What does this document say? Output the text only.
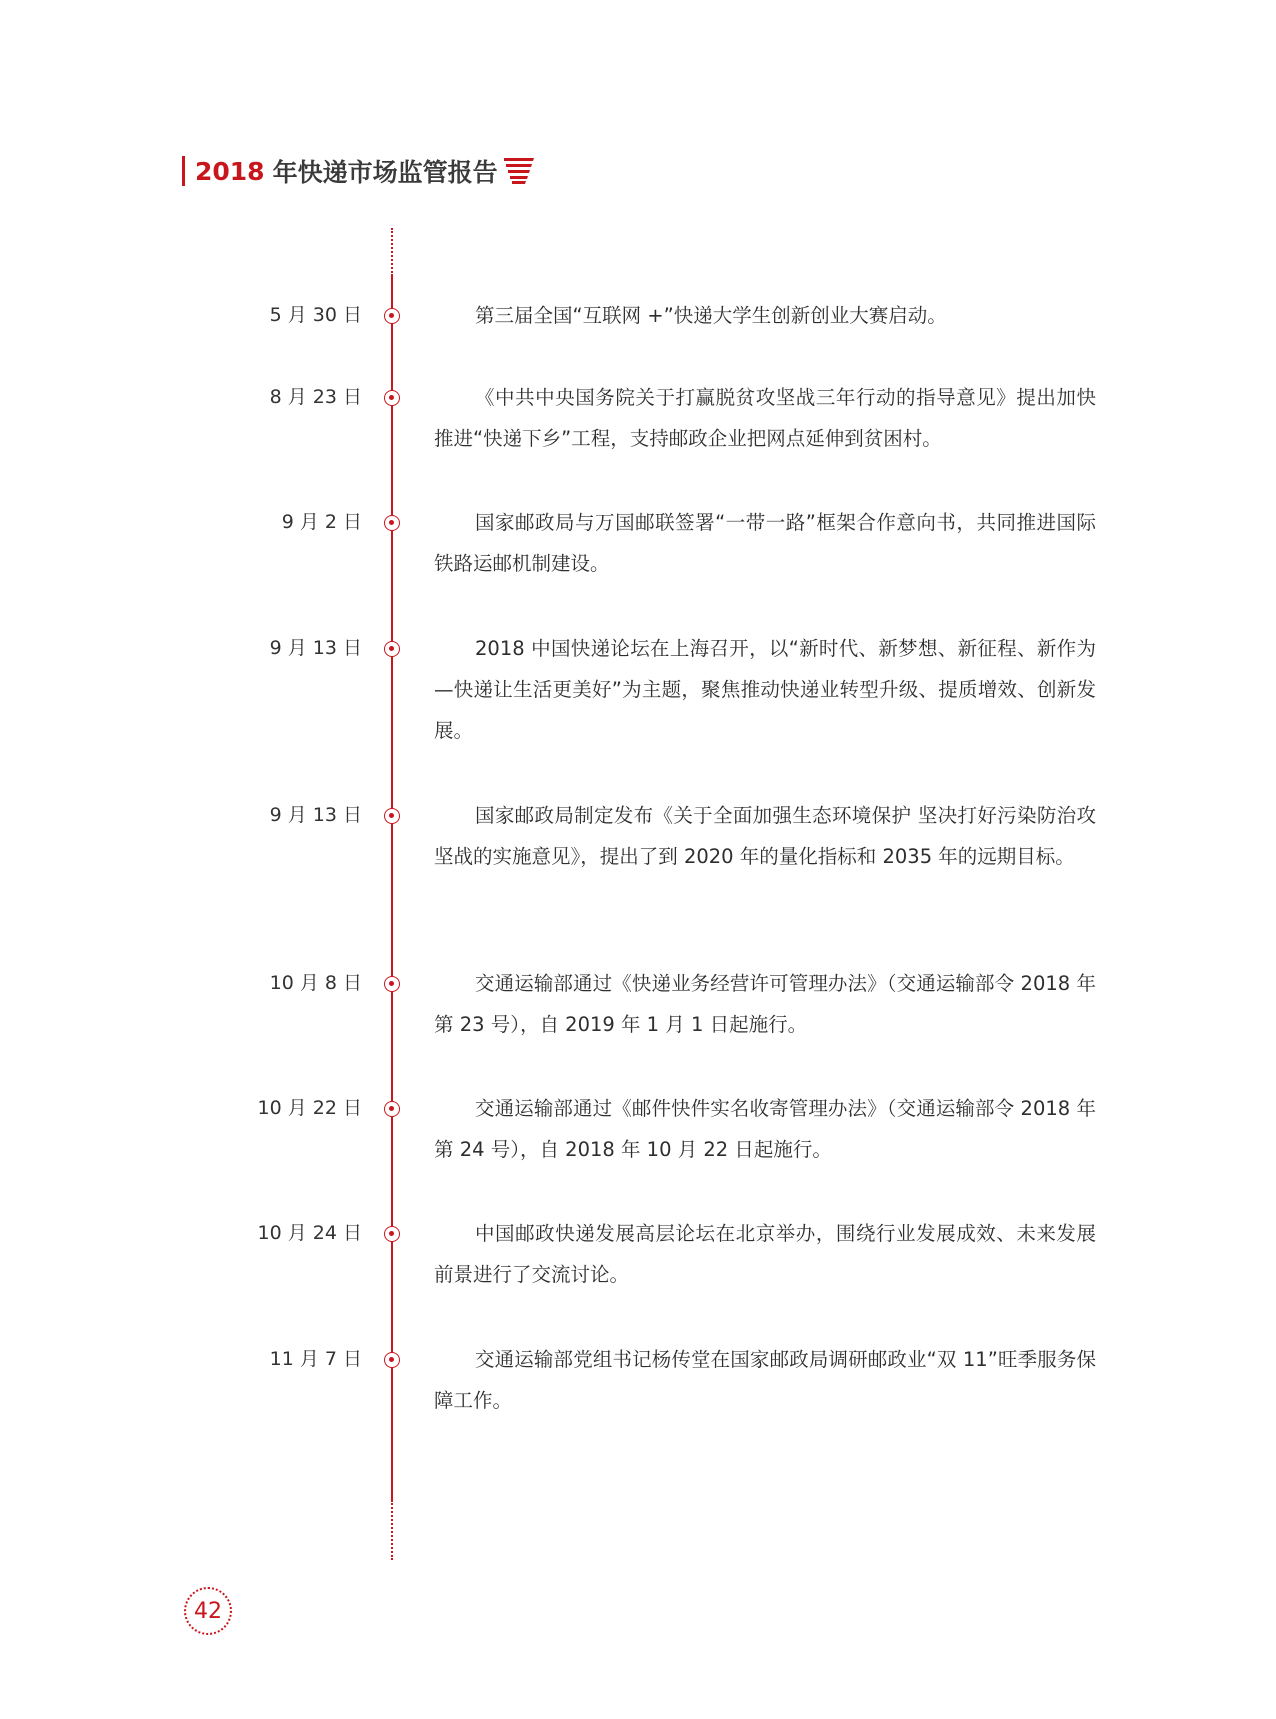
2018 年快递市场监管报告
5 月 30 日	第三届全国“互联网 +”快递大学生创新创业大赛启动。

8 月 23 日	《中共中央国务院关于打赢脱贫攻坚战三年行动的指导意见》提出加快推进“快递下乡”工程，支持邮政企业把网点延伸到贫困村。

9 月 2 日	国家邮政局与万国邮联签署“一带一路”框架合作意向书，共同推进国际铁路运邮机制建设。

9 月 13 日	2018 中国快递论坛在上海召开，以“新时代、新梦想、新征程、新作为—快递让生活更美好”为主题，聚焦推动快递业转型升级、提质增效、创新发展。

9 月 13 日	国家邮政局制定发布《关于全面加强生态环境保护 坚决打好污染防治攻坚战的实施意见》，提出了到 2020 年的量化指标和 2035 年的远期目标。

10 月 8 日	交通运输部通过《快递业务经营许可管理办法》（交通运输部令 2018 年第 23 号），自 2019 年 1 月 1 日起施行。

10 月 22 日	交通运输部通过《邮件快件实名收寄管理办法》（交通运输部令 2018 年第 24 号），自 2018 年 10 月 22 日起施行。

10 月 24 日	中国邮政快递发展高层论坛在北京举办，围绕行业发展成效、未来发展前景进行了交流讨论。

11 月 7 日	交通运输部党组书记杨传堂在国家邮政局调研邮政业“双 11”旺季服务保障工作。

42
